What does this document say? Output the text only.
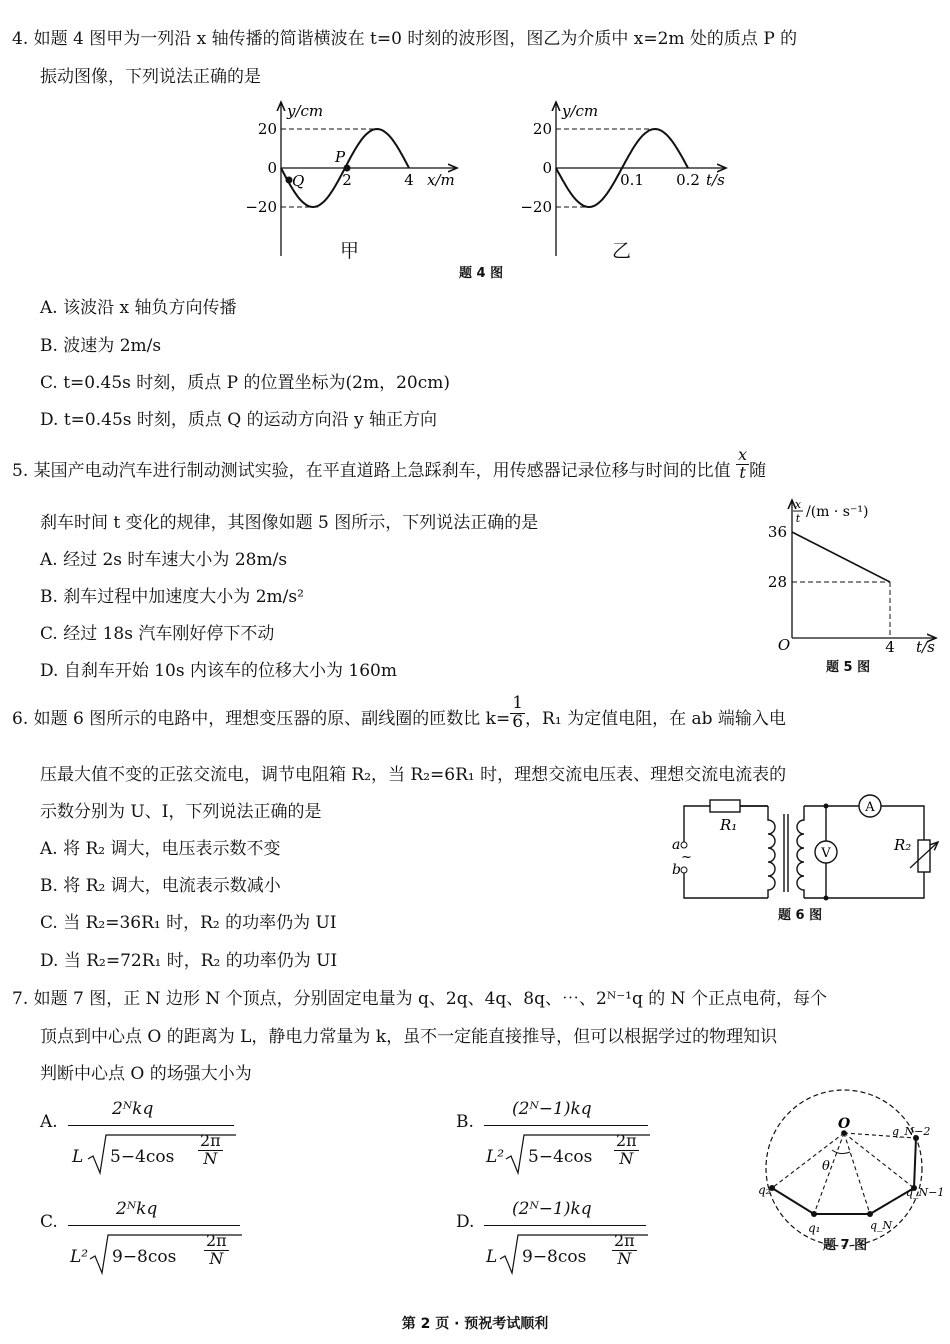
4. 如题 4 图甲为一列沿 x 轴传播的简谐横波在 t=0 时刻的波形图，图乙为介质中 x=2m 处的质点 P 的
振动图像，下列说法正确的是
y/cm
20
0
−20
2	4 x/m
P
Q
甲
y/cm
20
0
−20
0.1 0.2 t/s
乙
题 4 图
A. 该波沿 x 轴负方向传播
B. 波速为 2m/s
C. t=0.45s 时刻，质点 P 的位置坐标为(2m，20cm)
D. t=0.45s 时刻，质点 Q 的运动方向沿 y 轴正方向
5. 某国产电动汽车进行制动测试实验，在平直道路上急踩刹车，用传感器记录位移与时间的比值 $\frac{x}{t}$ 随
刹车时间 t 变化的规律，其图像如题 5 图所示，下列说法正确的是
x
t /(m · s⁻¹)
36
28
O	4 t/s
题 5 图
A. 经过 2s 时车速大小为 28m/s
B. 刹车过程中加速度大小为 2m/s²
C. 经过 18s 汽车刚好停下不动
D. 自刹车开始 10s 内该车的位移大小为 160m
6. 如题 6 图所示的电路中，理想变压器的原、副线圈的匝数比 $k= \frac{1}{6}$ ，R₁ 为定值电阻，在 ab 端输入电
压最大值不变的正弦交流电，调节电阻箱 R₂，当 R₂=6R₁ 时，理想交流电压表、理想交流电流表的
示数分别为 U、I，下列说法正确的是
R₁
a
b
~	V
A
R₂
题 6 图
A. 将 R₂ 调大，电压表示数不变
B. 将 R₂ 调大，电流表示数减小
C. 当 R₂=36R₁ 时，R₂ 的功率仍为 UI
D. 当 R₂=72R₁ 时，R₂ 的功率仍为 UI
7. 如题 7 图，正 N 边形 N 个顶点，分别固定电量为 q、2q、4q、8q、⋯、2ᴺ⁻¹q 的 N 个正点电荷，每个
顶点到中心点 O 的距离为 L，静电力常量为 k，虽不一定能直接推导，但可以根据学过的物理知识
判断中心点 O 的场强大小为
O
θ
q₂
q₁	q_N
q_N−1
q_N−2
题 7 图
A.
2ᴺkq
L $5-4\cos \frac{2\pi}{N}$
B.
(2ᴺ−1)kq
L² $5-4\cos \frac{2\pi}{N}$
C.
2ᴺkq
L² $9-8\cos \frac{2\pi}{N}$
D.
(2ᴺ−1)kq
L $9-8\cos \frac{2\pi}{N}$
第 2 页 · 预祝考试顺利
